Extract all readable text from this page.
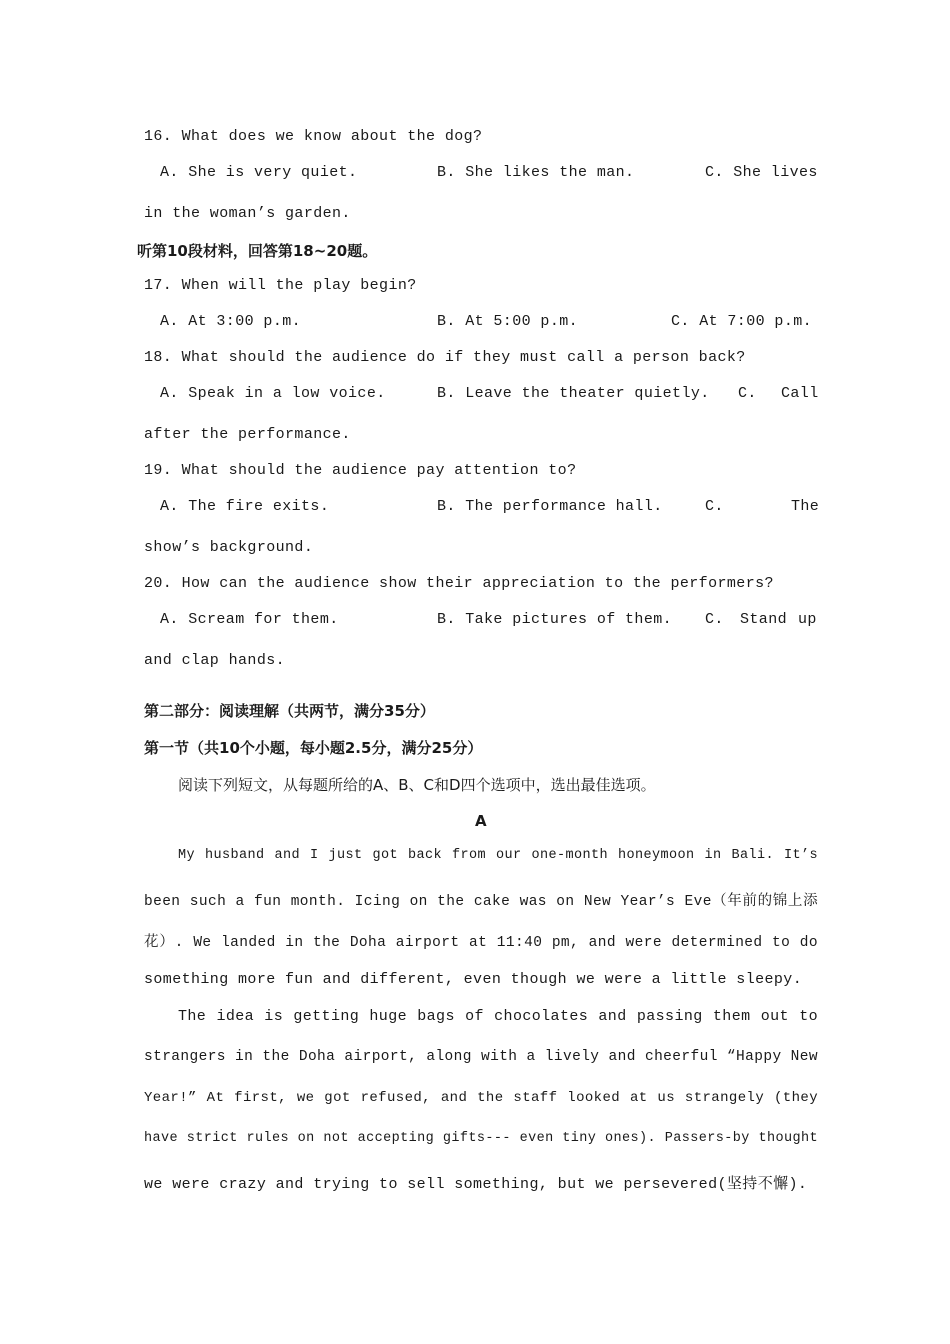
16. What does we know about the dog?
A. She is very quiet.	B. She likes the man.	C. She lives
in the woman’s garden.
听第10段材料，回答第18~20题。
17. When will the play begin?
A. At 3:00 p.m.	B. At 5:00 p.m.	C. At 7:00 p.m.
18. What should the audience do if they must call a person back?
A. Speak in a low voice.	B. Leave the theater quietly. C. Call
after the performance.
19. What should the audience pay attention to?
A. The fire exits.	B. The performance hall.	C.	The
show’s background.
20. How can the audience show their appreciation to the performers?
A. Scream for them.	B. Take pictures of them. C. Stand up
and clap hands.
第二部分：阅读理解（共两节，满分35分）
第一节（共10个小题，每小题2.5分，满分25分）
阅读下列短文，从每题所给的A、B、C和D四个选项中，选出最佳选项。
A
My husband and I just got back from our one-month honeymoon in Bali. It’s
been such a fun month. Icing on the cake was on New Year’s Eve（年前的锦上添
花）. We landed in the Doha airport at 11:40 pm, and were determined to do
something more fun and different, even though we were a little sleepy.
The idea is getting huge bags of chocolates and passing them out to
strangers in the Doha airport, along with a lively and cheerful “Happy New
Year!” At first, we got refused, and the staff looked at us strangely (they
have strict rules on not accepting gifts--- even tiny ones). Passers-by thought
we were crazy and trying to sell something, but we persevered(坚持不懈).
